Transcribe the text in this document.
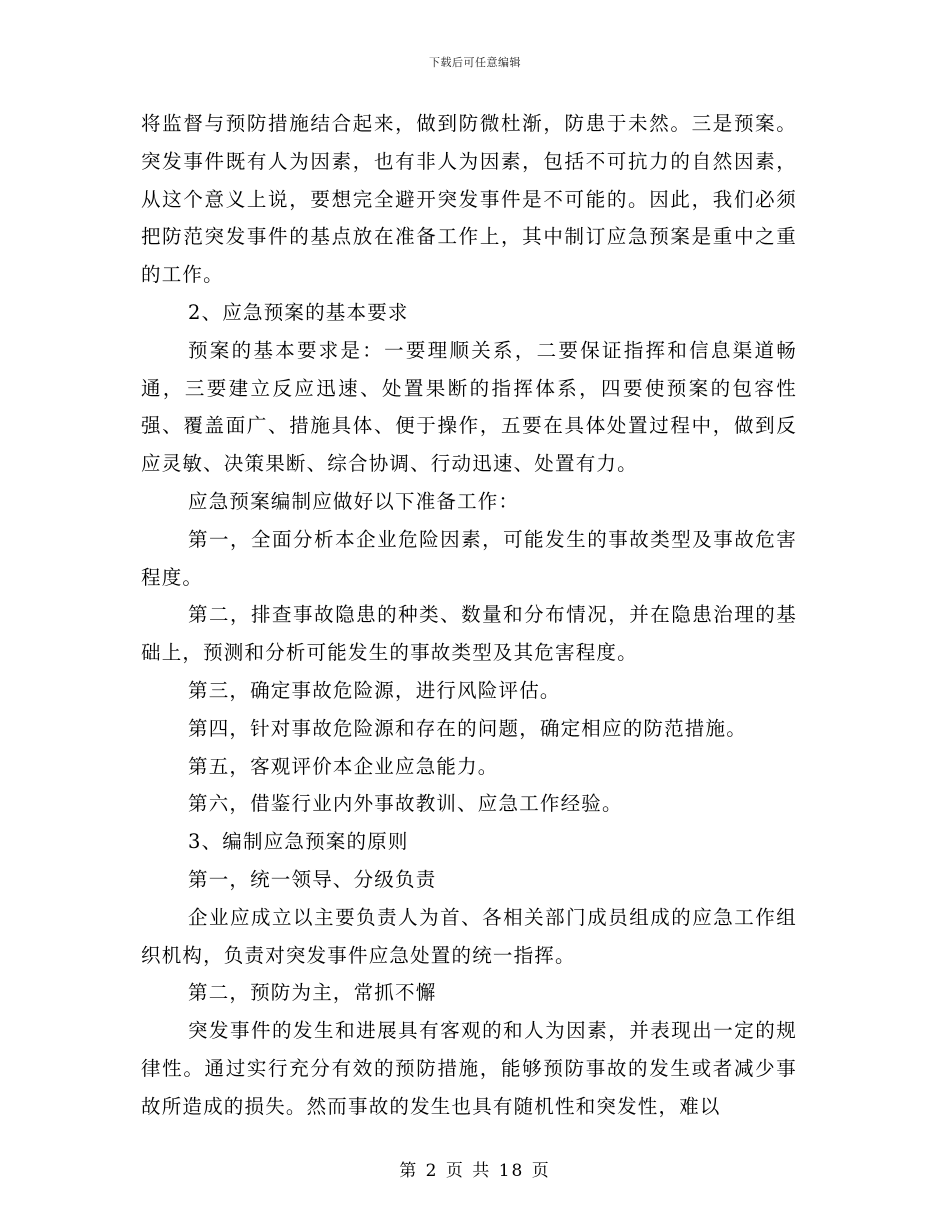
下载后可任意编辑

将监督与预防措施结合起来，做到防微杜渐，防患于未然。三是预案。突发事件既有人为因素，也有非人为因素，包括不可抗力的自然因素，从这个意义上说，要想完全避开突发事件是不可能的。因此，我们必须把防范突发事件的基点放在准备工作上，其中制订应急预案是重中之重的工作。

2、应急预案的基本要求

预案的基本要求是：一要理顺关系，二要保证指挥和信息渠道畅通，三要建立反应迅速、处置果断的指挥体系，四要使预案的包容性强、覆盖面广、措施具体、便于操作，五要在具体处置过程中，做到反应灵敏、决策果断、综合协调、行动迅速、处置有力。

应急预案编制应做好以下准备工作：

第一，全面分析本企业危险因素，可能发生的事故类型及事故危害程度。

第二，排查事故隐患的种类、数量和分布情况，并在隐患治理的基础上，预测和分析可能发生的事故类型及其危害程度。

第三，确定事故危险源，进行风险评估。

第四，针对事故危险源和存在的问题，确定相应的防范措施。

第五，客观评价本企业应急能力。

第六，借鉴行业内外事故教训、应急工作经验。

3、编制应急预案的原则

第一，统一领导、分级负责

企业应成立以主要负责人为首、各相关部门成员组成的应急工作组织机构，负责对突发事件应急处置的统一指挥。

第二，预防为主，常抓不懈

突发事件的发生和进展具有客观的和人为因素，并表现出一定的规律性。通过实行充分有效的预防措施，能够预防事故的发生或者减少事故所造成的损失。然而事故的发生也具有随机性和突发性，难以

第 2 页 共 18 页
